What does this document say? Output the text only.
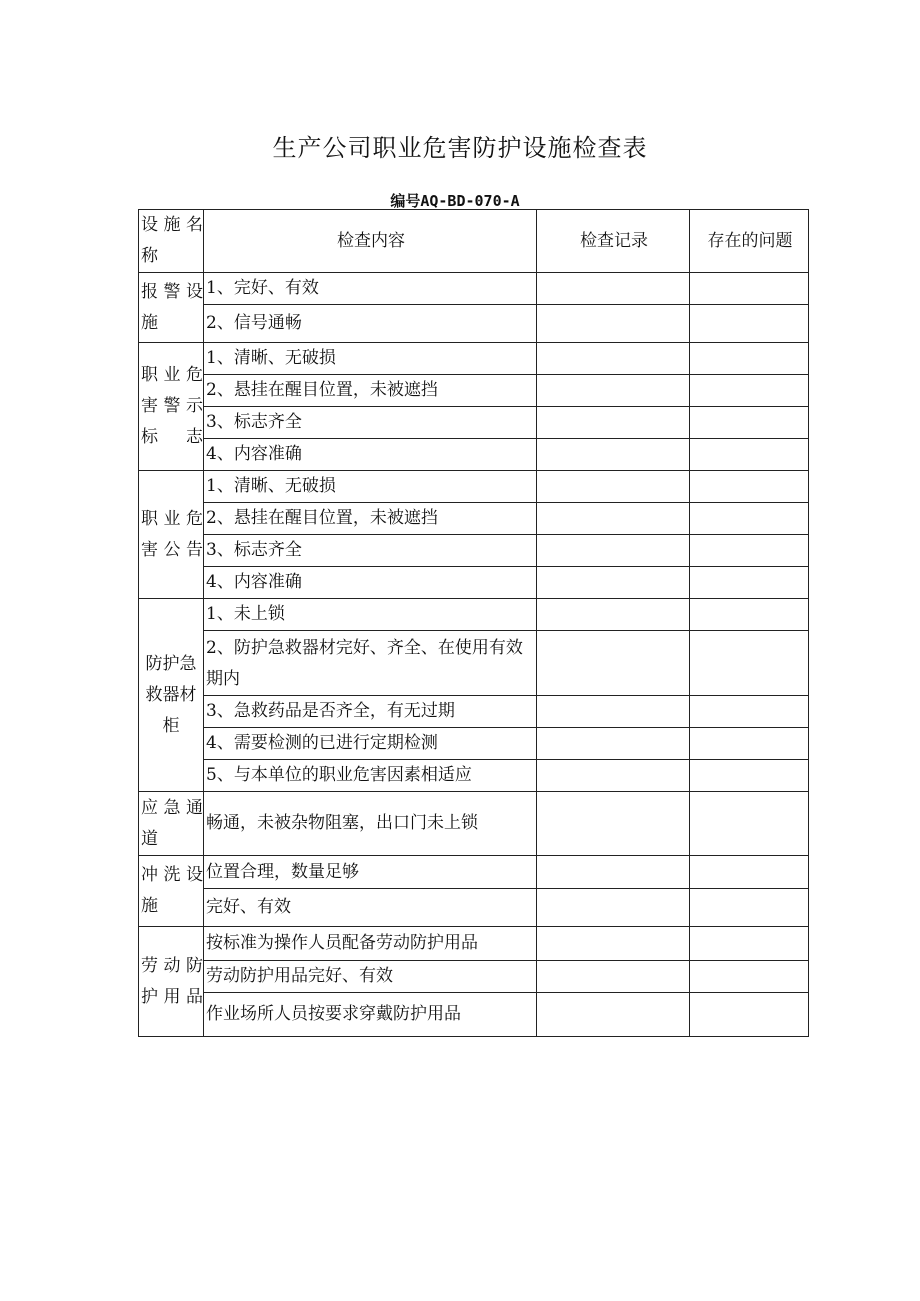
生产公司职业危害防护设施检查表
编号AQ-BD-070-A
设施名称	检查内容	检查记录	存在的问题
报警设施	1、完好、有效		
	2、信号通畅		
职业危害警示标志	1、清晰、无破损		
	2、悬挂在醒目位置，未被遮挡		
	3、标志齐全		
	4、内容准确		
职业危害公告	1、清晰、无破损		
	2、悬挂在醒目位置，未被遮挡		
	3、标志齐全		
	4、内容准确		
防护急救器材柜	1、未上锁		
	2、防护急救器材完好、齐全、在使用有效期内		
	3、急救药品是否齐全，有无过期		
	4、需要检测的已进行定期检测		
	5、与本单位的职业危害因素相适应		
应急通道	畅通，未被杂物阻塞，出口门未上锁		
冲洗设施	位置合理，数量足够		
	完好、有效		
劳动防护用品	按标准为操作人员配备劳动防护用品		
	劳动防护用品完好、有效		
	作业场所人员按要求穿戴防护用品		
